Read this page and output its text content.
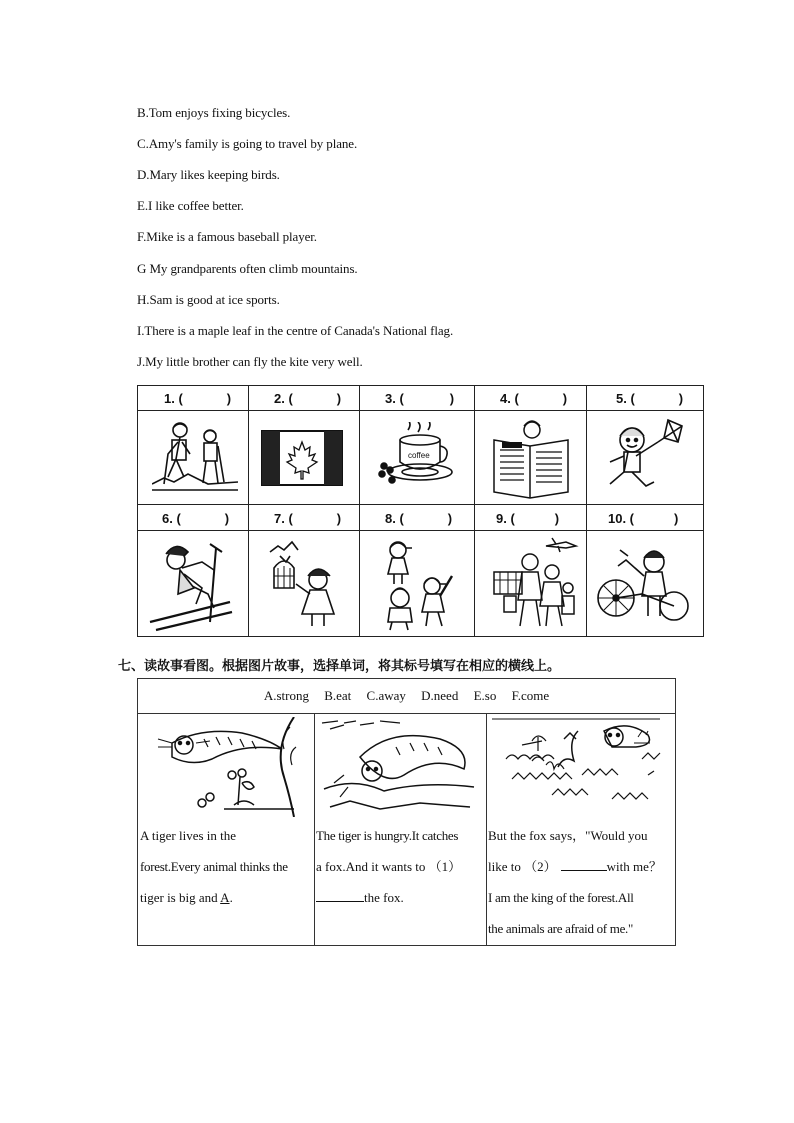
B.Tom enjoys fixing bicycles.
C.Amy's family is going to travel by plane.
D.Mary likes keeping birds.
E.I like coffee better.
F.Mike is a famous baseball player.
G My grandparents often climb mountains.
H.Sam is good at ice sports.
I.There is a maple leaf in the centre of Canada's National flag.
J.My little brother can fly the kite very well.
1. (	)	2. (	)	3. (	)	4. (	)	5. (	)
6. (	)	7. (	)	8. (	)	9. (	)	10. (	)
coffee
七、读故事看图。根据图片故事，选择单词，将其标号填写在相应的横线上。
A.strong B.eat C.away D.need E.so F.come
A tiger lives in the
forest.Every animal thinks the
tiger is big and A.
The tiger is hungry.It catches
a fox.And it wants to （1）
the fox.
But the fox says，"Would you
like to （2）	with me？
I am the king of the forest.All
the animals are afraid of me."
